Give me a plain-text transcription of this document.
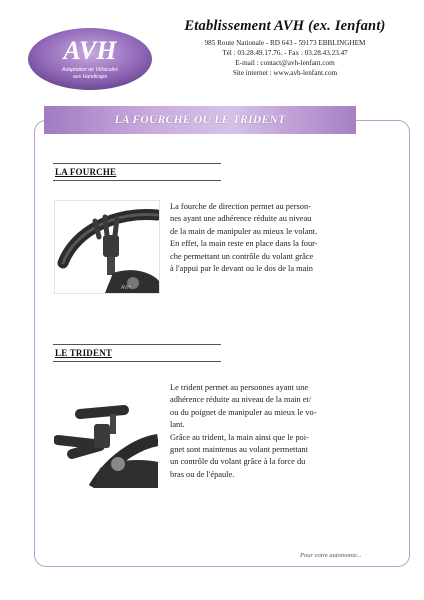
AVH
Adaptation de Véhicules
aux Handicaps
Etablissement AVH (ex. Ienfant)
985 Route Nationale - RD 643 - 59173 EBBLINGHEM
Tél : 03.28.49.17.76. - Fax : 03.28.43.23.47
E-mail : contact@avh-lenfant.com
Site internet : www.avh-lenfant.com
LA FOURCHE OU LE TRIDENT
LA FOURCHE
AVH

La fourche de direction permet au person-

nes ayant une adhérence réduite au niveau

de la main de manipuler au mieux le volant.

En effet, la main reste en place dans la four-

che permettant un contrôle du volant grâce

à l'appui par le devant ou le dos de la main

LE TRIDENT

Le trident permet au personnes ayant une

adhérence réduite au niveau de la main et/

ou du poignet de manipuler au mieux le vo-

lant.

Grâce au trident, la main ainsi que le poi-

gnet sont maintenus au volant permettant

un contrôle du volant grâce à la force du

bras ou de l'épaule.

Pour votre autonomie...
